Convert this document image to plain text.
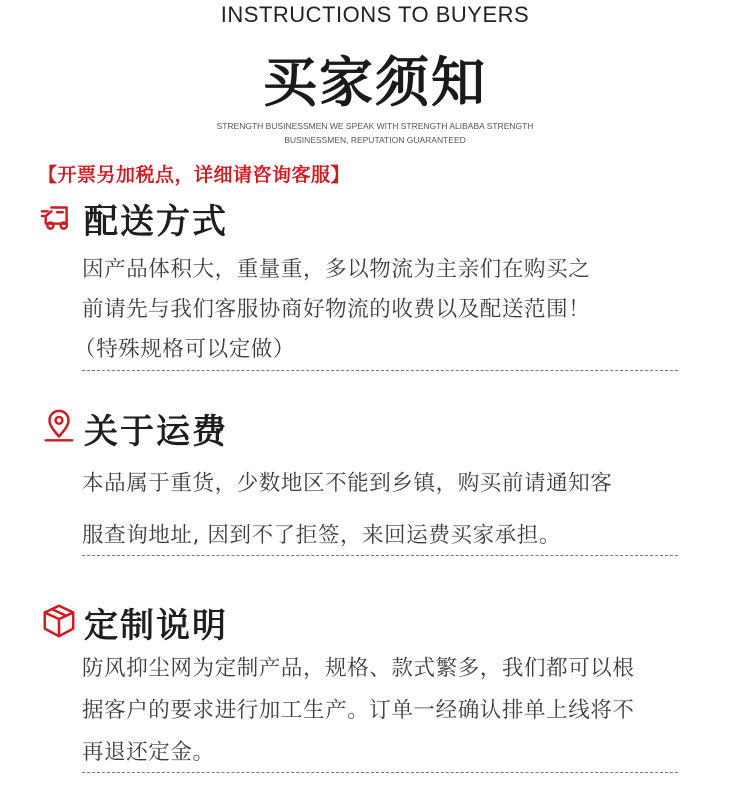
INSTRUCTIONS TO BUYERS
买家须知
STRENGTH BUSINESSMEN WE SPEAK WITH STRENGTH ALIBABA STRENGTH
BUSINESSMEN, REPUTATION GUARANTEED
【开票另加税点，详细请咨询客服】
配送方式

因产品体积大，重量重，多以物流为主亲们在购买之

前请先与我们客服协商好物流的收费以及配送范围！

（特殊规格可以定做）

关于运费

本品属于重货，少数地区不能到乡镇，购买前请通知客

服查询地址, 因到不了拒签，来回运费买家承担。

定制说明

防风抑尘网为定制产品，规格、款式繁多，我们都可以根

据客户的要求进行加工生产。订单一经确认排单上线将不

再退还定金。
